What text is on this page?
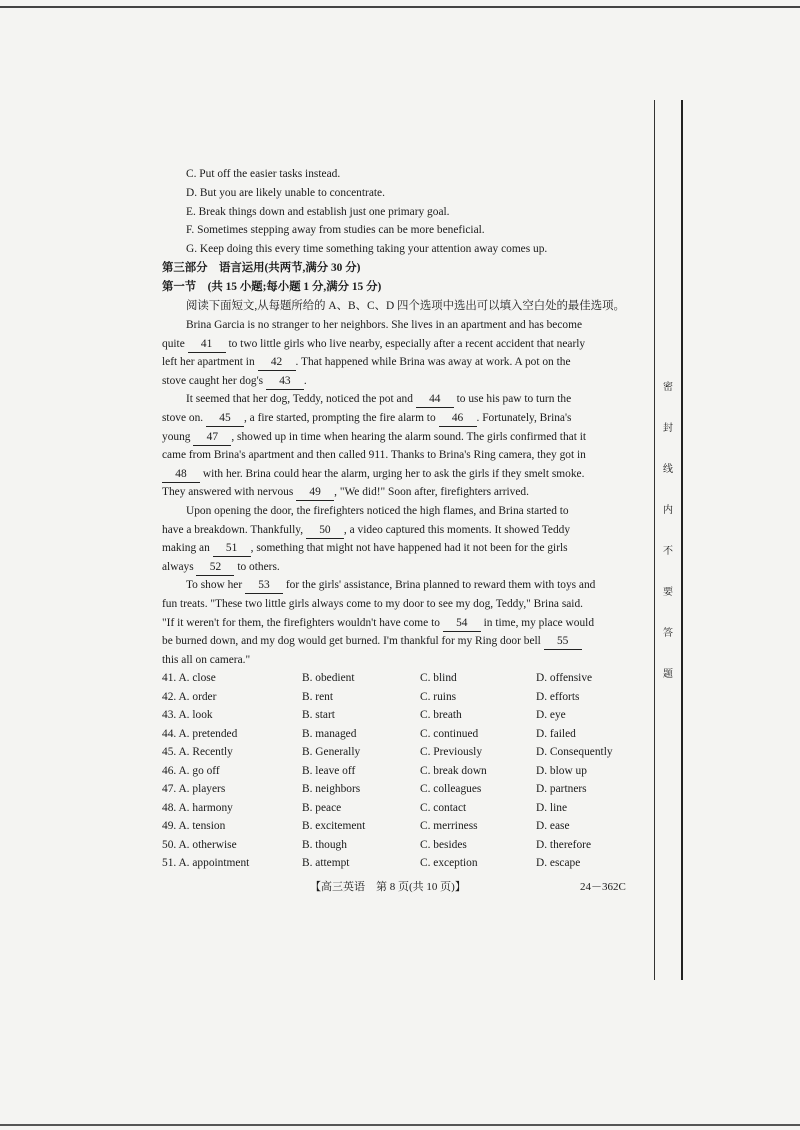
C. Put off the easier tasks instead.
D. But you are likely unable to concentrate.
E. Break things down and establish just one primary goal.
F. Sometimes stepping away from studies can be more beneficial.
G. Keep doing this every time something taking your attention away comes up.
第三部分　语言运用(共两节,满分 30 分)
第一节　(共 15 小题;每小题 1 分,满分 15 分)
阅读下面短文,从每题所给的 A、B、C、D 四个选项中选出可以填入空白处的最佳选项。
Brina Garcia is no stranger to her neighbors. She lives in an apartment and has become
quite 41 to two little girls who live nearby, especially after a recent accident that nearly
left her apartment in 42 . That happened while Brina was away at work. A pot on the
stove caught her dog's 43 .
It seemed that her dog, Teddy, noticed the pot and 44 to use his paw to turn the
stove on. 45 , a fire started, prompting the fire alarm to 46 . Fortunately, Brina's
young 47 , showed up in time when hearing the alarm sound. The girls confirmed that it
came from Brina's apartment and then called 911. Thanks to Brina's Ring camera, they got in
48 with her. Brina could hear the alarm, urging her to ask the girls if they smelt smoke.
They answered with nervous 49 , "We did!" Soon after, firefighters arrived.
Upon opening the door, the firefighters noticed the high flames, and Brina started to
have a breakdown. Thankfully, 50 , a video captured this moments. It showed Teddy
making an 51 , something that might not have happened had it not been for the girls
always 52 to others.
To show her 53 for the girls' assistance, Brina planned to reward them with toys and
fun treats. "These two little girls always come to my door to see my dog, Teddy," Brina said.
"If it weren't for them, the firefighters wouldn't have come to 54 in time, my place would
be burned down, and my dog would get burned. I'm thankful for my Ring door bell 55
this all on camera."
41. A. close	B. obedient	C. blind	D. offensive
42. A. order	B. rent	C. ruins	D. efforts
43. A. look	B. start	C. breath	D. eye
44. A. pretended	B. managed	C. continued	D. failed
45. A. Recently	B. Generally	C. Previously	D. Consequently
46. A. go off	B. leave off	C. break down	D. blow up
47. A. players	B. neighbors	C. colleagues	D. partners
48. A. harmony	B. peace	C. contact	D. line
49. A. tension	B. excitement	C. merriness	D. ease
50. A. otherwise	B. though	C. besides	D. therefore
51. A. appointment	B. attempt	C. exception	D. escape
【高三英语　第 8 页(共 10 页)】	24－362C
密
封
线
内
不
要
答
题
